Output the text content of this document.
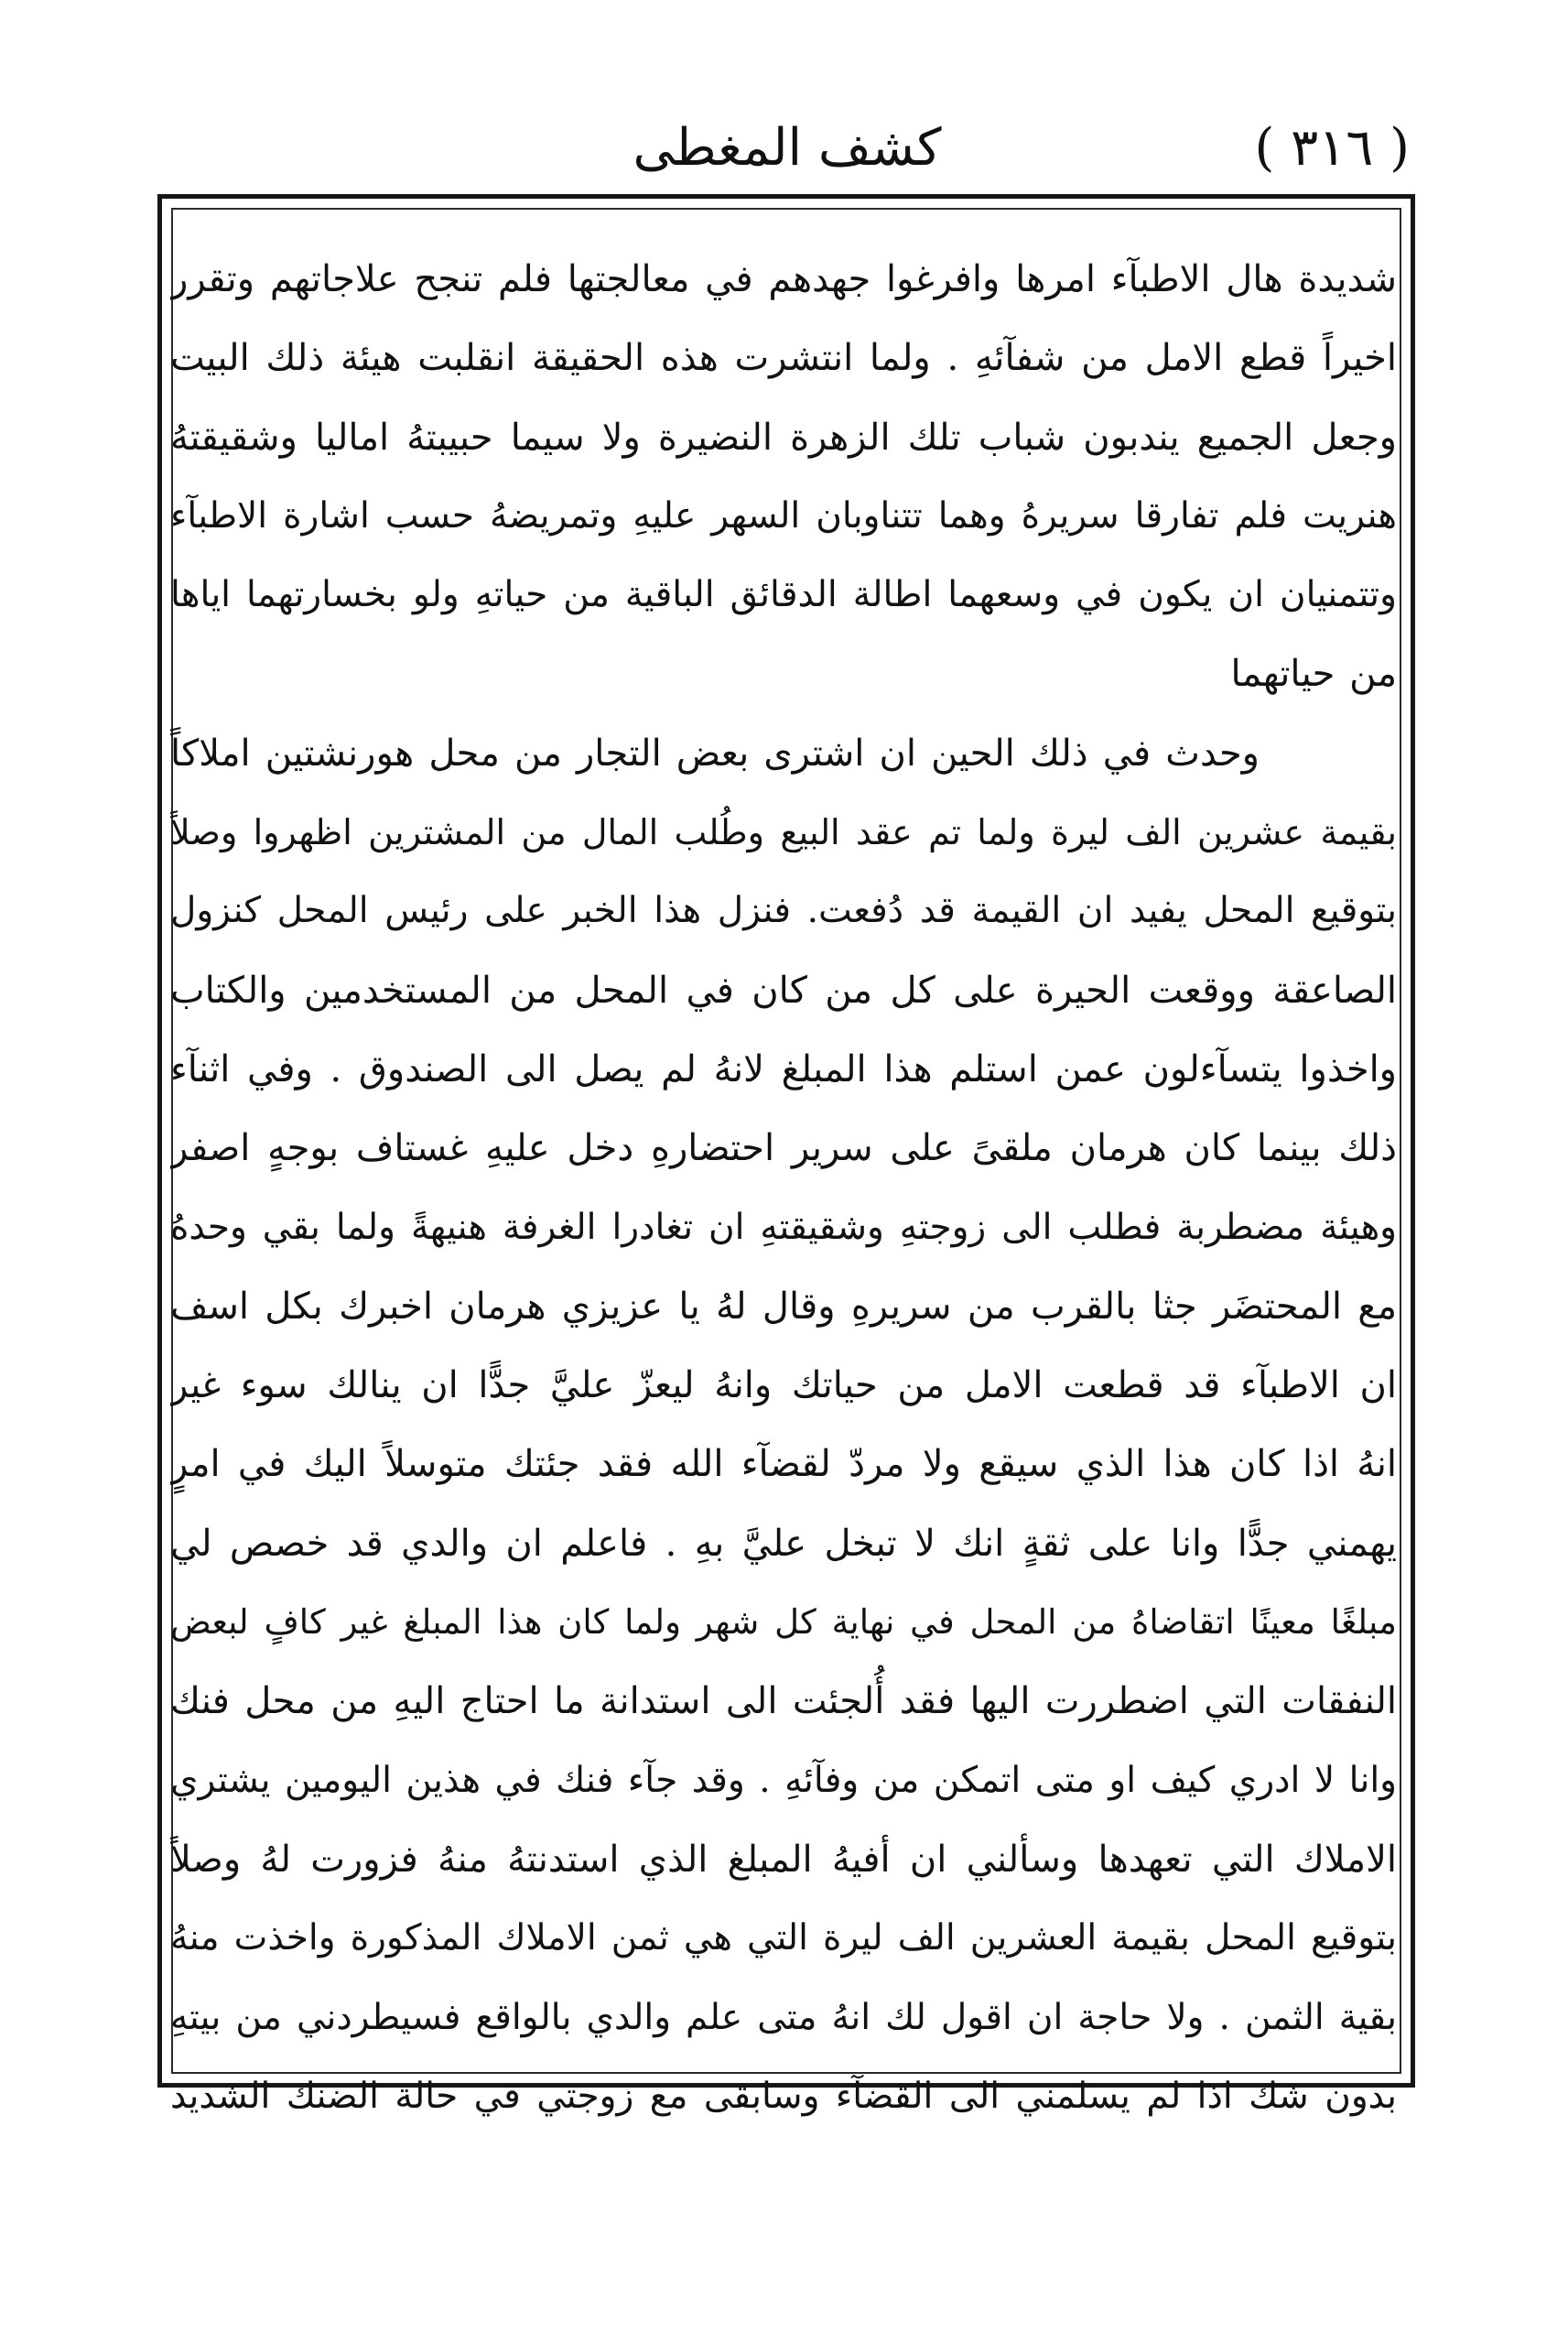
كشف المغطى	( ٣١٦ )
شديدة هال الاطبآء امرها وافرغوا جهدهم في معالجتها فلم تنجح علاجاتهم وتقرر
اخيراً قطع الامل من شفآئهِ . ولما انتشرت هذه الحقيقة انقلبت هيئة ذلك البيت
وجعل الجميع يندبون شباب تلك الزهرة النضيرة ولا سيما حبيبتهُ اماليا وشقيقتهُ
هنريت فلم تفارقا سريرهُ وهما تتناوبان السهر عليهِ وتمريضهُ حسب اشارة الاطبآء
وتتمنيان ان يكون في وسعهما اطالة الدقائق الباقية من حياتهِ ولو بخسارتهما اياها
من حياتهما
وحدث في ذلك الحين ان اشترى بعض التجار من محل هورنشتين املاكاً
بقيمة عشرين الف ليرة ولما تم عقد البيع وطُلب المال من المشترين اظهروا وصلاً
بتوقيع المحل يفيد ان القيمة قد دُفعت. فنزل هذا الخبر على رئيس المحل كنزول
الصاعقة ووقعت الحيرة على كل من كان في المحل من المستخدمين والكتاب
واخذوا يتسآءلون عمن استلم هذا المبلغ لانهُ لم يصل الى الصندوق . وفي اثنآء
ذلك بينما كان هرمان ملقىً على سرير احتضارهِ دخل عليهِ غستاف بوجهٍ اصفر
وهيئة مضطربة فطلب الى زوجتهِ وشقيقتهِ ان تغادرا الغرفة هنيهةً ولما بقي وحدهُ
مع المحتضَر جثا بالقرب من سريرهِ وقال لهُ يا عزيزي هرمان اخبرك بكل اسف
ان الاطبآء قد قطعت الامل من حياتك وانهُ ليعزّ عليَّ جدًّا ان ينالك سوء غير
انهُ اذا كان هذا الذي سيقع ولا مردّ لقضآء الله فقد جئتك متوسلاً اليك في امرٍ
يهمني جدًّا وانا على ثقةٍ انك لا تبخل عليَّ بهِ . فاعلم ان والدي قد خصص لي
مبلغًا معينًا اتقاضاهُ من المحل في نهاية كل شهر ولما كان هذا المبلغ غير كافٍ لبعض
النفقات التي اضطررت اليها فقد أُلجئت الى استدانة ما احتاج اليهِ من محل فنك
وانا لا ادري كيف او متى اتمكن من وفآئهِ . وقد جآء فنك في هذين اليومين يشتري
الاملاك التي تعهدها وسألني ان أفيهُ المبلغ الذي استدنتهُ منهُ فزورت لهُ وصلاً
بتوقيع المحل بقيمة العشرين الف ليرة التي هي ثمن الاملاك المذكورة واخذت منهُ
بقية الثمن . ولا حاجة ان اقول لك انهُ متى علم والدي بالواقع فسيطردني من بيتهِ
بدون شك اذا لم يسلمني الى القضآء وسابقى مع زوجتي في حالة الضنك الشديد
